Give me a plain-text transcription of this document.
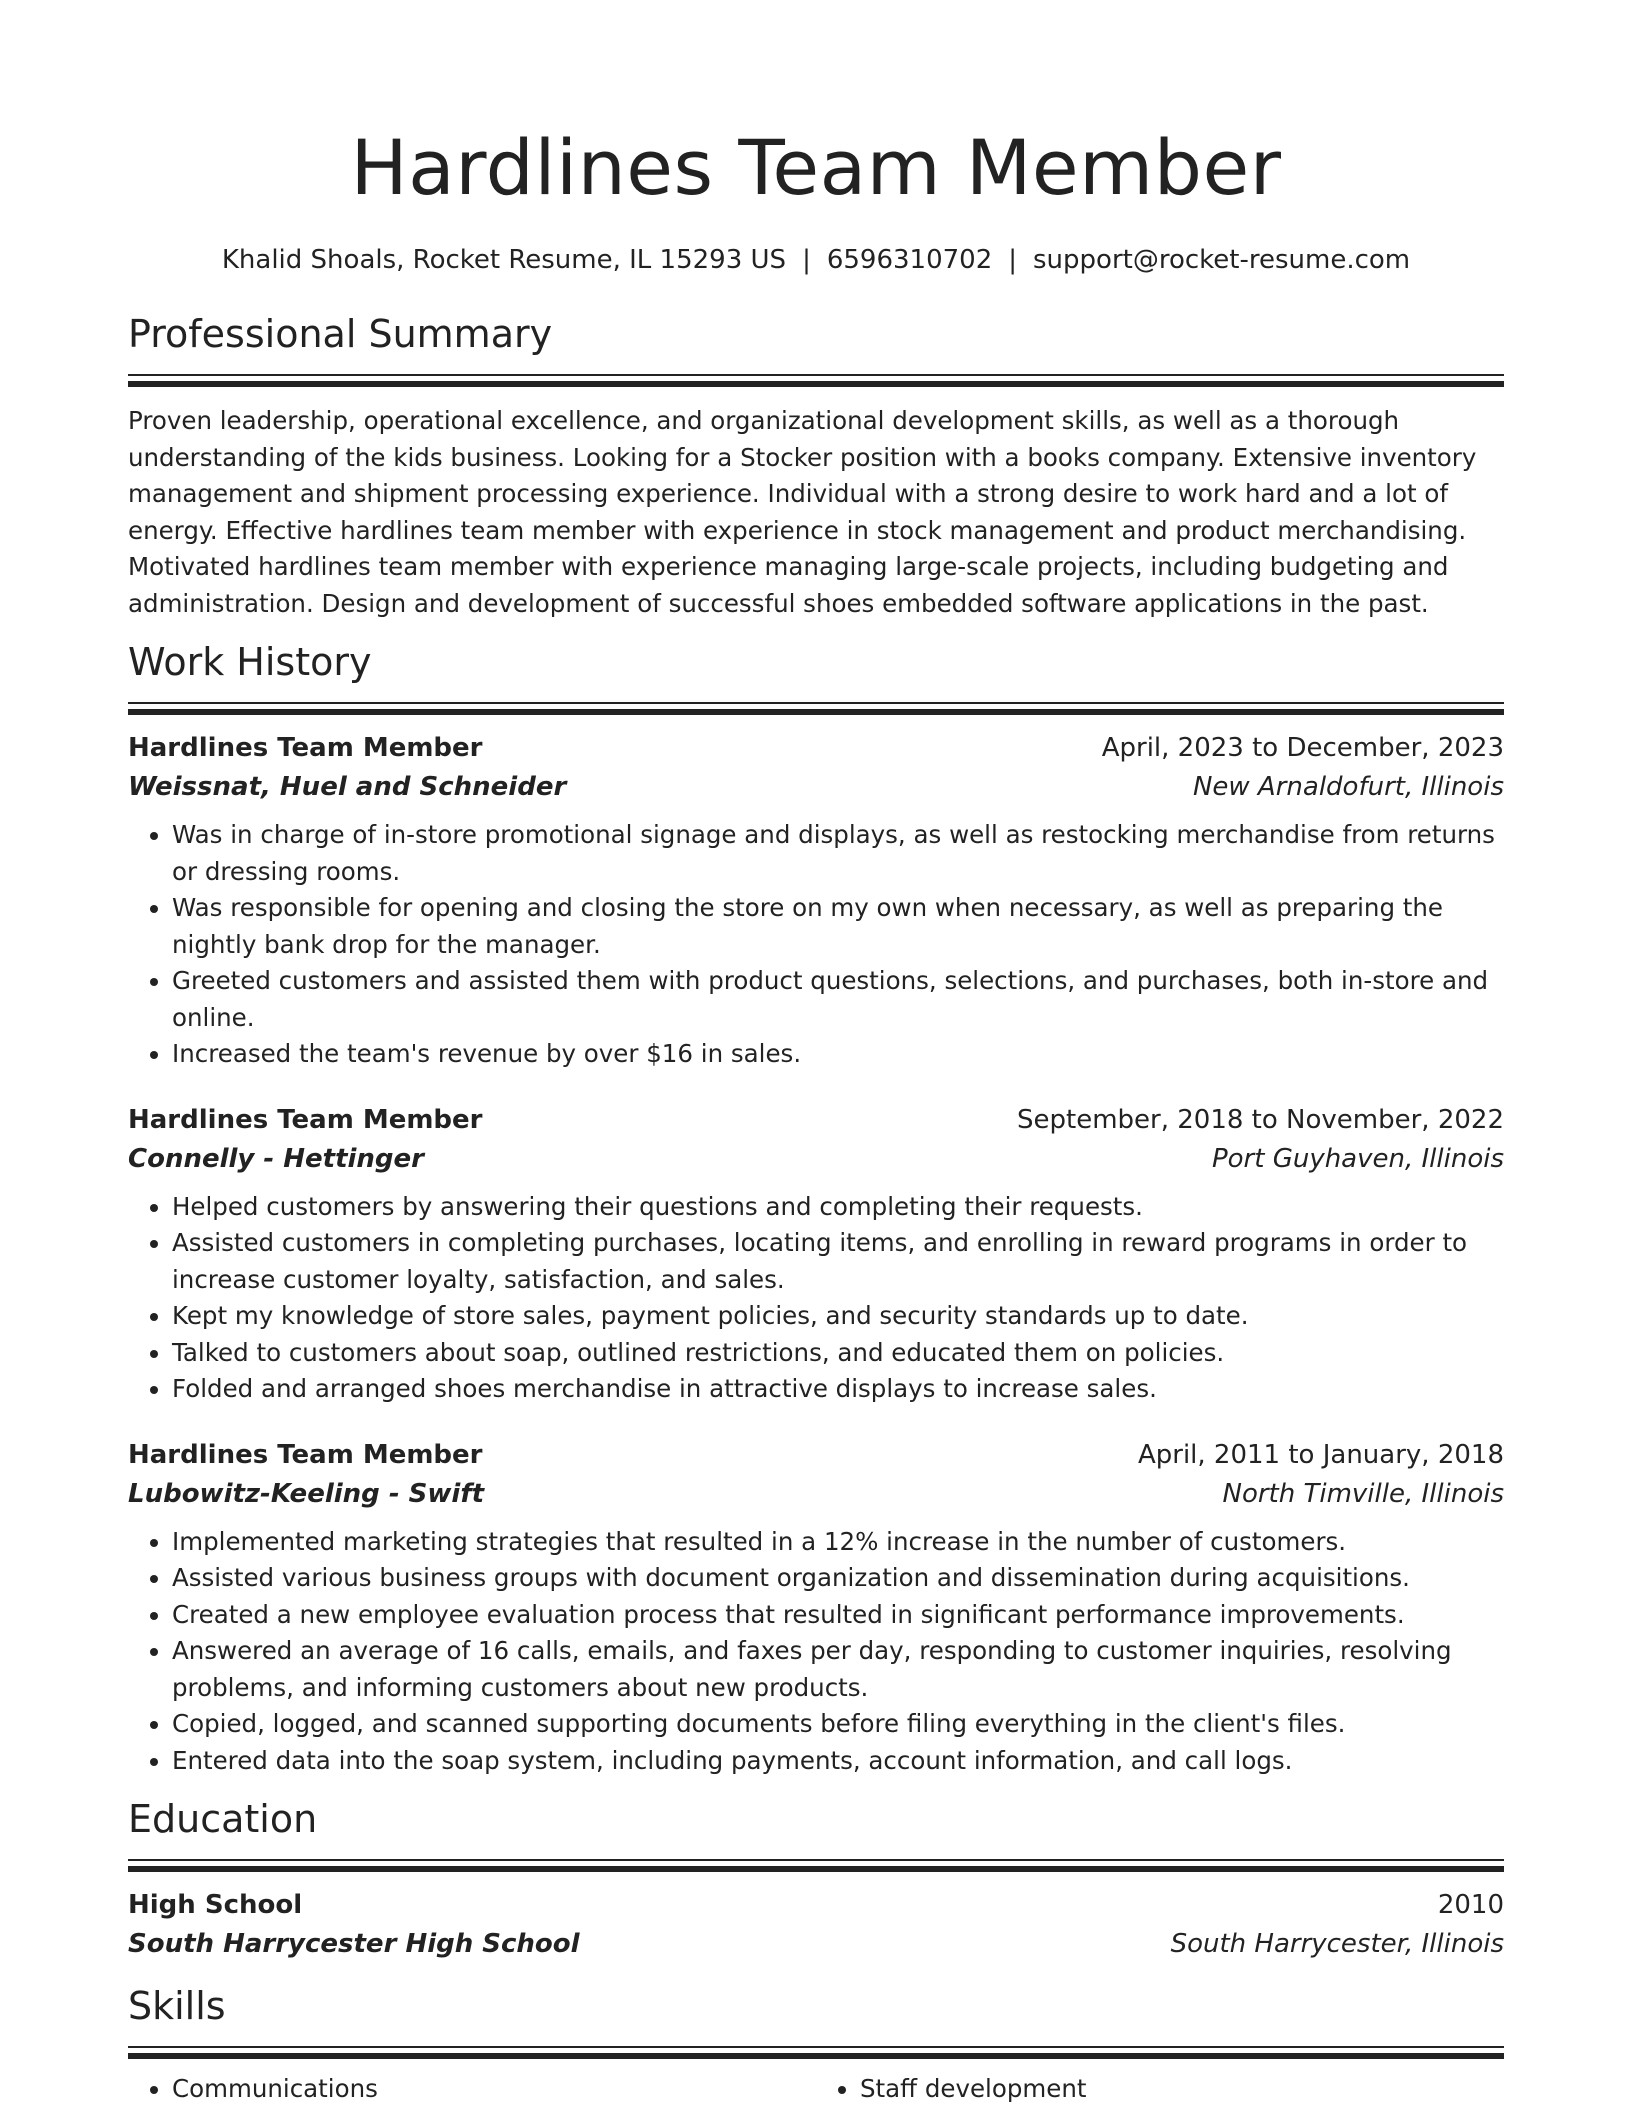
Hardlines Team Member
Khalid Shoals, Rocket Resume, IL 15293 US | 6596310702 | support@rocket-resume.com
Professional Summary
Proven leadership, operational excellence, and organizational development skills, as well as a thorough understanding of the kids business. Looking for a Stocker position with a books company. Extensive inventory management and shipment processing experience. Individual with a strong desire to work hard and a lot of energy. Effective hardlines team member with experience in stock management and product merchandising. Motivated hardlines team member with experience managing large-scale projects, including budgeting and administration. Design and development of successful shoes embedded software applications in the past.
Work History
Hardlines Team Member	April, 2023 to December, 2023
Weissnat, Huel and Schneider	New Arnaldofurt, Illinois
• Was in charge of in-store promotional signage and displays, as well as restocking merchandise from returns or dressing rooms.
• Was responsible for opening and closing the store on my own when necessary, as well as preparing the nightly bank drop for the manager.
• Greeted customers and assisted them with product questions, selections, and purchases, both in-store and online.
• Increased the team's revenue by over $16 in sales.
Hardlines Team Member	September, 2018 to November, 2022
Connelly - Hettinger	Port Guyhaven, Illinois
• Helped customers by answering their questions and completing their requests.
• Assisted customers in completing purchases, locating items, and enrolling in reward programs in order to increase customer loyalty, satisfaction, and sales.
• Kept my knowledge of store sales, payment policies, and security standards up to date.
• Talked to customers about soap, outlined restrictions, and educated them on policies.
• Folded and arranged shoes merchandise in attractive displays to increase sales.
Hardlines Team Member	April, 2011 to January, 2018
Lubowitz-Keeling - Swift	North Timville, Illinois
• Implemented marketing strategies that resulted in a 12% increase in the number of customers.
• Assisted various business groups with document organization and dissemination during acquisitions.
• Created a new employee evaluation process that resulted in significant performance improvements.
• Answered an average of 16 calls, emails, and faxes per day, responding to customer inquiries, resolving problems, and informing customers about new products.
• Copied, logged, and scanned supporting documents before filing everything in the client's files.
• Entered data into the soap system, including payments, account information, and call logs.
Education
High School	2010
South Harrycester High School	South Harrycester, Illinois
Skills
• Communications
•	Staff development
